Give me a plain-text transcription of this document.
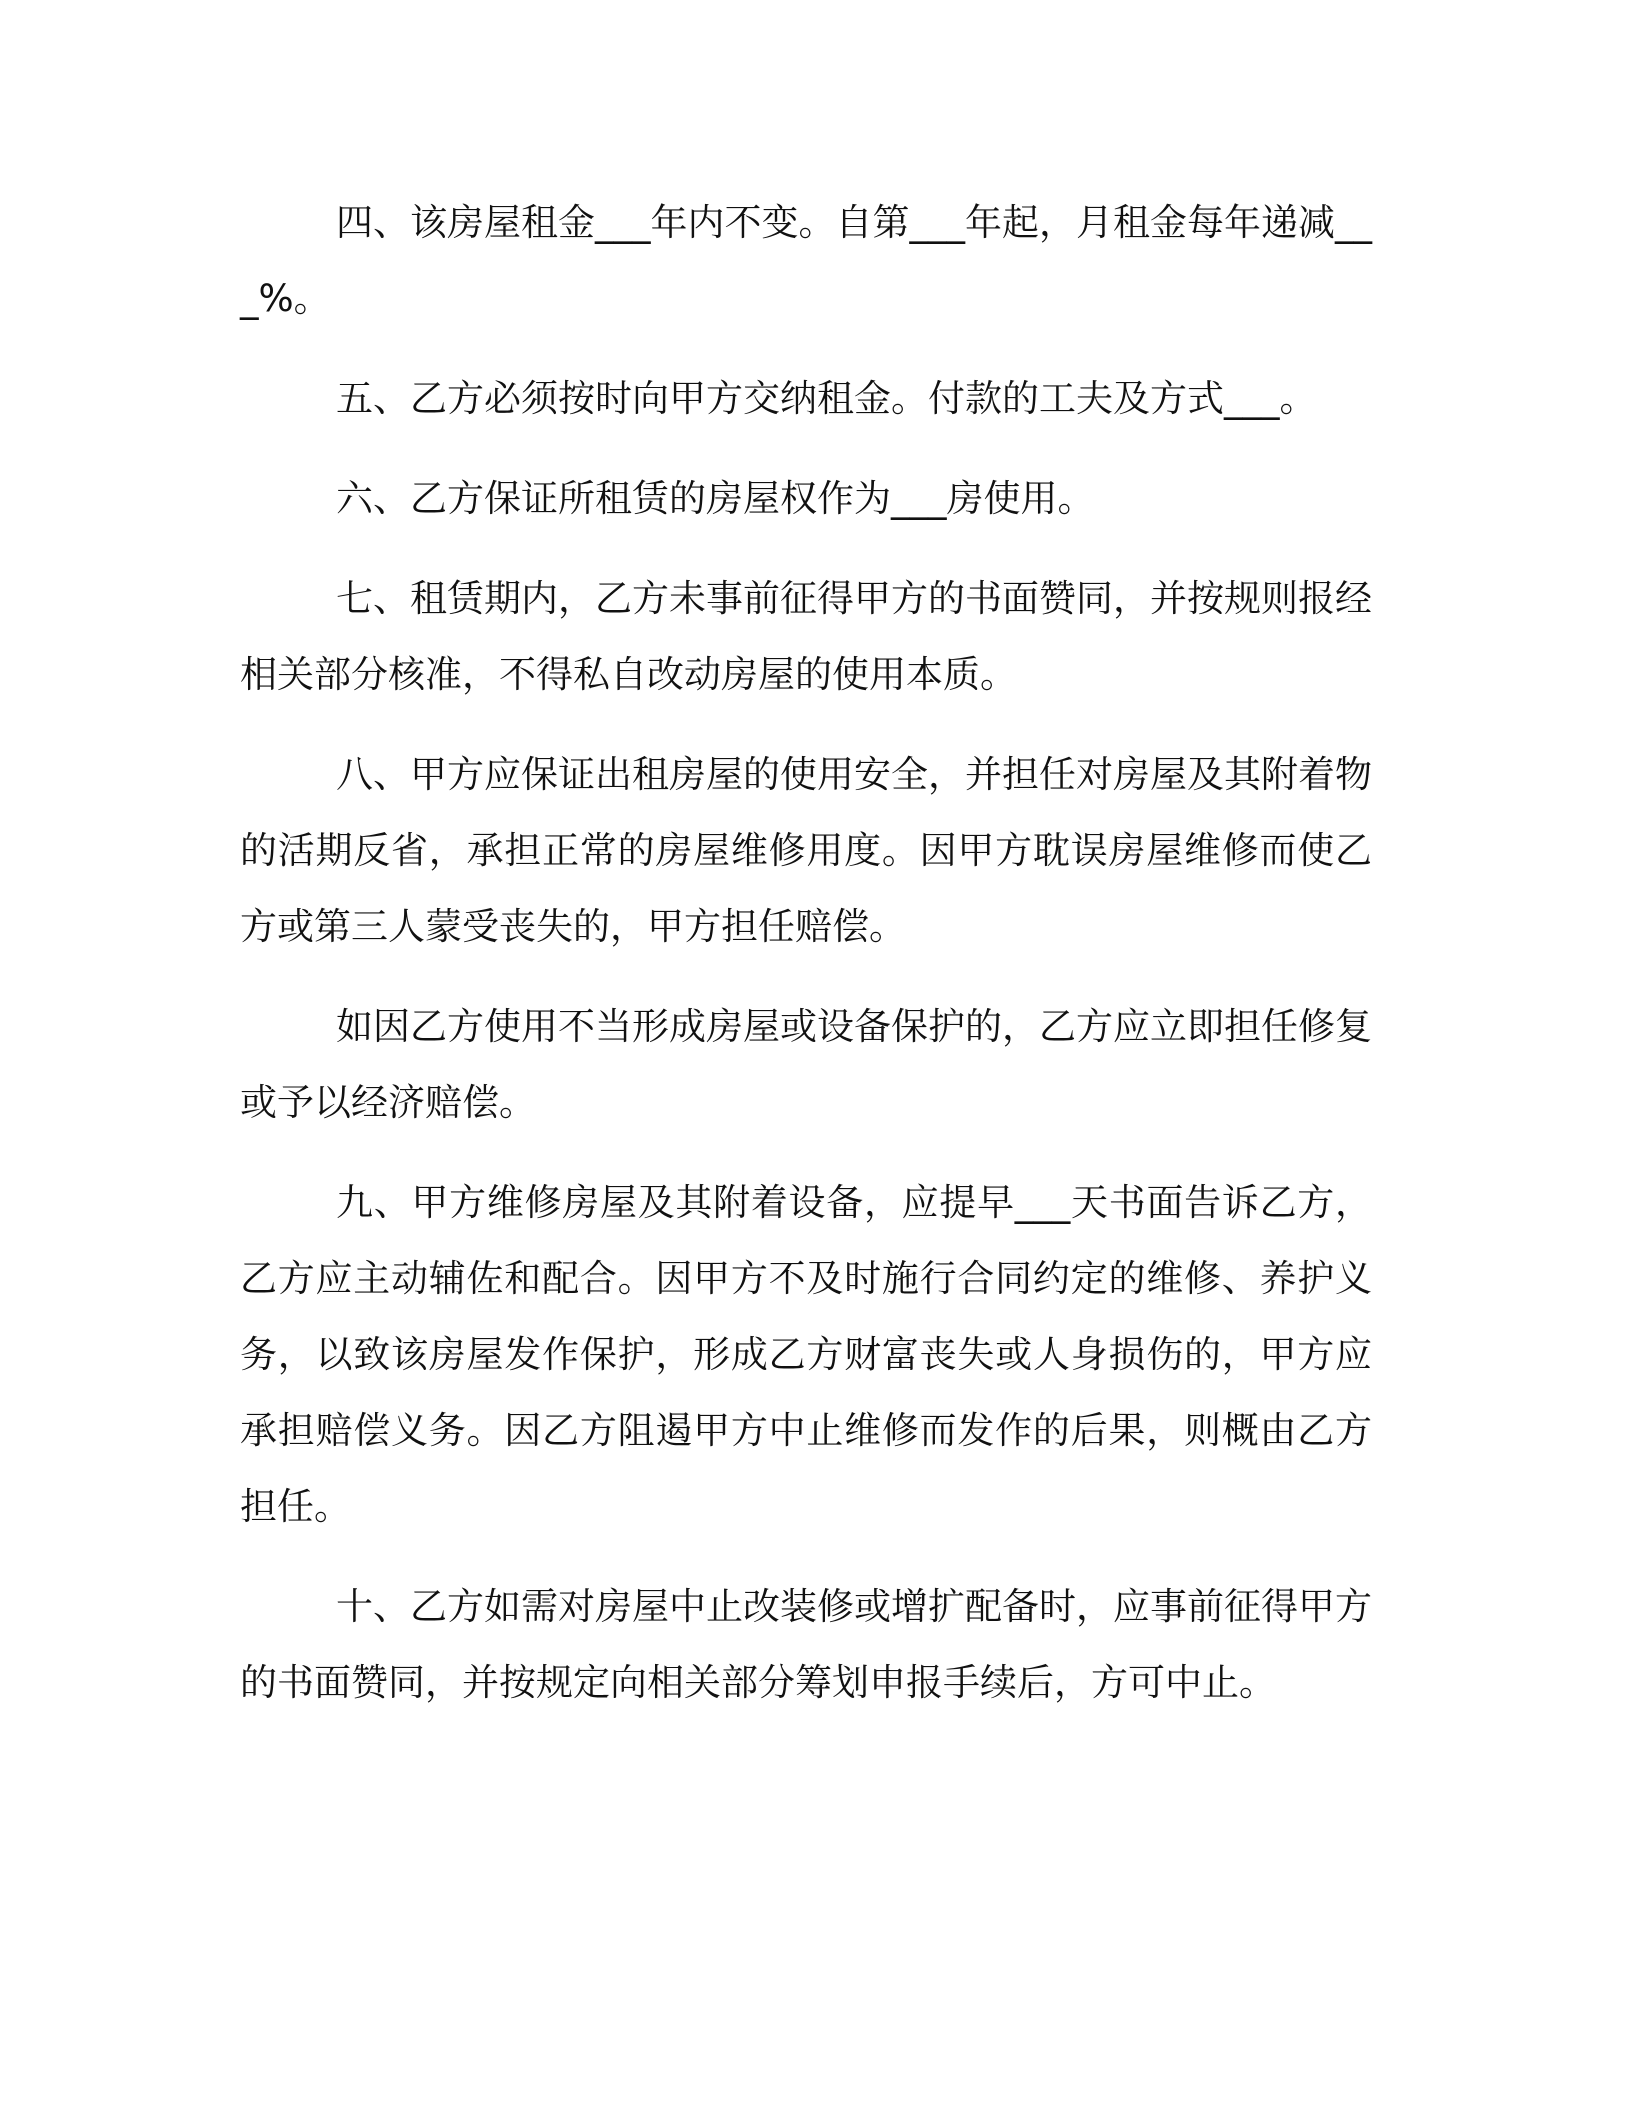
四、该房屋租金___年内不变。自第___年起，月租金每年递减___%。

五、乙方必须按时向甲方交纳租金。付款的工夫及方式___。

六、乙方保证所租赁的房屋权作为___房使用。

七、租赁期内，乙方未事前征得甲方的书面赞同，并按规则报经相关部分核准，不得私自改动房屋的使用本质。

八、甲方应保证出租房屋的使用安全，并担任对房屋及其附着物的活期反省，承担正常的房屋维修用度。因甲方耽误房屋维修而使乙方或第三人蒙受丧失的，甲方担任赔偿。

如因乙方使用不当形成房屋或设备保护的，乙方应立即担任修复或予以经济赔偿。

九、甲方维修房屋及其附着设备，应提早___天书面告诉乙方，乙方应主动辅佐和配合。因甲方不及时施行合同约定的维修、养护义务，以致该房屋发作保护，形成乙方财富丧失或人身损伤的，甲方应承担赔偿义务。因乙方阻遏甲方中止维修而发作的后果，则概由乙方担任。

十、乙方如需对房屋中止改装修或增扩配备时，应事前征得甲方的书面赞同，并按规定向相关部分筹划申报手续后，方可中止。
